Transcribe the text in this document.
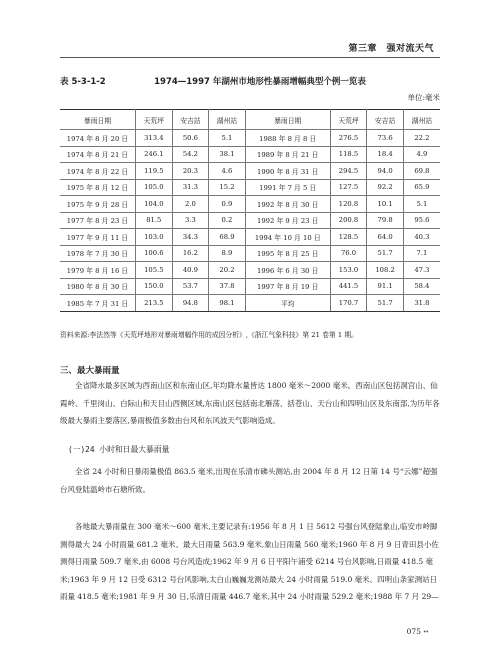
第三章　强对流天气
表 5-3-1-2	1974—1997 年湖州市地形性暴雨增幅典型个例一览表
单位:毫米
暴雨日期	天荒坪	安吉站	湖州站	暴雨日期	天荒坪	安吉站	湖州站
1974 年 8 月 20 日	313.4	50.6	5.1	1988 年 8 月 8 日	276.5	73.6	22.2
1974 年 8 月 21 日	246.1	54.2	38.1	1989 年 8 月 21 日	118.5	18.4	4.9
1974 年 8 月 22 日	119.5	20.3	4.6	1990 年 8 月 31 日	294.5	94.0	69.8
1975 年 8 月 12 日	105.0	31.3	15.2	1991 年 7 月 5 日	127.5	92.2	65.9
1975 年 9 月 28 日	104.0	2.0	0.9	1992 年 8 月 30 日	120.8	10.1	5.1
1977 年 8 月 23 日	81.5	3.3	0.2	1992 年 9 月 23 日	200.8	79.8	95.6
1977 年 9 月 11 日	103.0	34.3	68.9	1994 年 10 月 10 日	128.5	64.0	40.3
1978 年 7 月 30 日	100.6	16.2	8.9	1995 年 8 月 25 日	76.0	51.7	7.1
1979 年 8 月 16 日	105.5	40.9	20.2	1996 年 6 月 30 日	153.0	108.2	47.3
1980 年 8 月 30 日	150.0	53.7	37.8	1997 年 8 月 19 日	441.5	91.1	58.4
1985 年 7 月 31 日	213.5	94.8	98.1	平均	170.7	51.7	31.8
资料来源:李法然等《天荒坪地形对暴雨增幅作用的成因分析》,《浙江气象科技》第 21 卷第 1 期。
三、最大暴雨量

全省降水最多区域为西南山区和东南山区,年均降水量皆达 1800 毫米～2000 毫米。西南山区包括洞宫山、仙霞岭、千里岗山、白际山和天目山西侧区域,东南山区包括南北雁荡、括苍山、天台山和四明山区及东南部,为历年各级最大暴雨主要落区,暴雨极值多数由台风和东风波天气影响造成。

(一)24 小时和日最大暴雨量

全省 24 小时和日暴雨量极值 863.5 毫米,出现在乐清市砩头测站,由 2004 年 8 月 12 日第 14 号“云娜”超强台风登陆温岭市石塘所致。

各地最大暴雨量在 300 毫米～600 毫米,主要记录有:1956 年 8 月 1 日 5612 号强台风登陆象山,临安市岭脚测得最大 24 小时雨量 681.2 毫米、最大日雨量 563.9 毫米,象山日雨量 560 毫米;1960 年 8 月 9 日青田县小佐测得日雨量 509.7 毫米,由 6008 号台风造成;1962 年 9 月 6 日平阳午浦受 6214 号台风影响,日雨量 418.5 毫米;1963 年 9 月 12 日受 6312 号台风影响,太白山巍巍龙测站最大 24 小时雨量 519.0 毫米、四明山条家测站日雨量 418.5 毫米;1981 年 9 月 30 日,乐清日雨量 446.7 毫米,其中 24 小时雨量 529.2 毫米;1988 年 7 月 29—

075 ••
